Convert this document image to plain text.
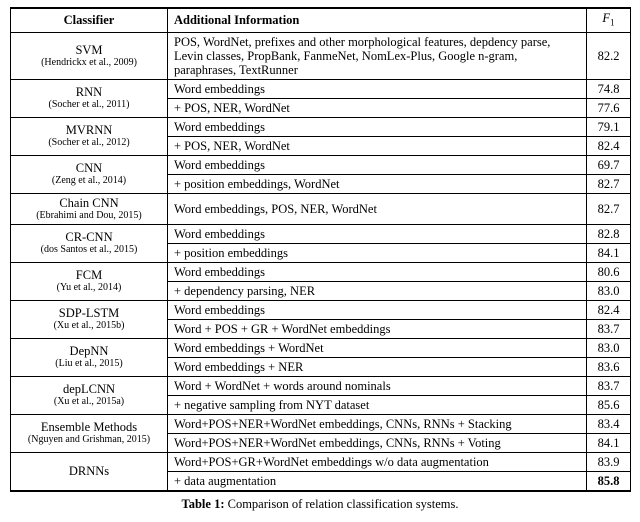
Classifier	Additional Information	$F_1$

SVM
(Hendrickx et al., 2009)	POS, WordNet, prefixes and other morphological features, depdency parse, Levin classes, PropBank, FanmeNet, NomLex-Plus, Google n-gram, paraphrases, TextRunner	82.2

RNN
(Socher et al., 2011)	Word embeddings	74.8
	+ POS, NER, WordNet	77.6

MVRNN
(Socher et al., 2012)	Word embeddings	79.1
	+ POS, NER, WordNet	82.4

CNN
(Zeng et al., 2014)	Word embeddings	69.7
	+ position embeddings, WordNet	82.7

Chain CNN
(Ebrahimi and Dou, 2015)	Word embeddings, POS, NER, WordNet	82.7

CR-CNN
(dos Santos et al., 2015)	Word embeddings	82.8
	+ position embeddings	84.1

FCM
(Yu et al., 2014)	Word embeddings	80.6
	+ dependency parsing, NER	83.0

SDP-LSTM
(Xu et al., 2015b)	Word embeddings	82.4
	Word + POS + GR + WordNet embeddings	83.7

DepNN
(Liu et al., 2015)	Word embeddings + WordNet	83.0
	Word embeddings + NER	83.6

depLCNN
(Xu et al., 2015a)	Word + WordNet + words around nominals	83.7
	+ negative sampling from NYT dataset	85.6

Ensemble Methods
(Nguyen and Grishman, 2015)	Word+POS+NER+WordNet embeddings, CNNs, RNNs + Stacking	83.4
	Word+POS+NER+WordNet embeddings, CNNs, RNNs + Voting	84.1

DRNNs	Word+POS+GR+WordNet embeddings w/o data augmentation	83.9
	+ data augmentation	85.8
Table 1: Comparison of relation classification systems.
